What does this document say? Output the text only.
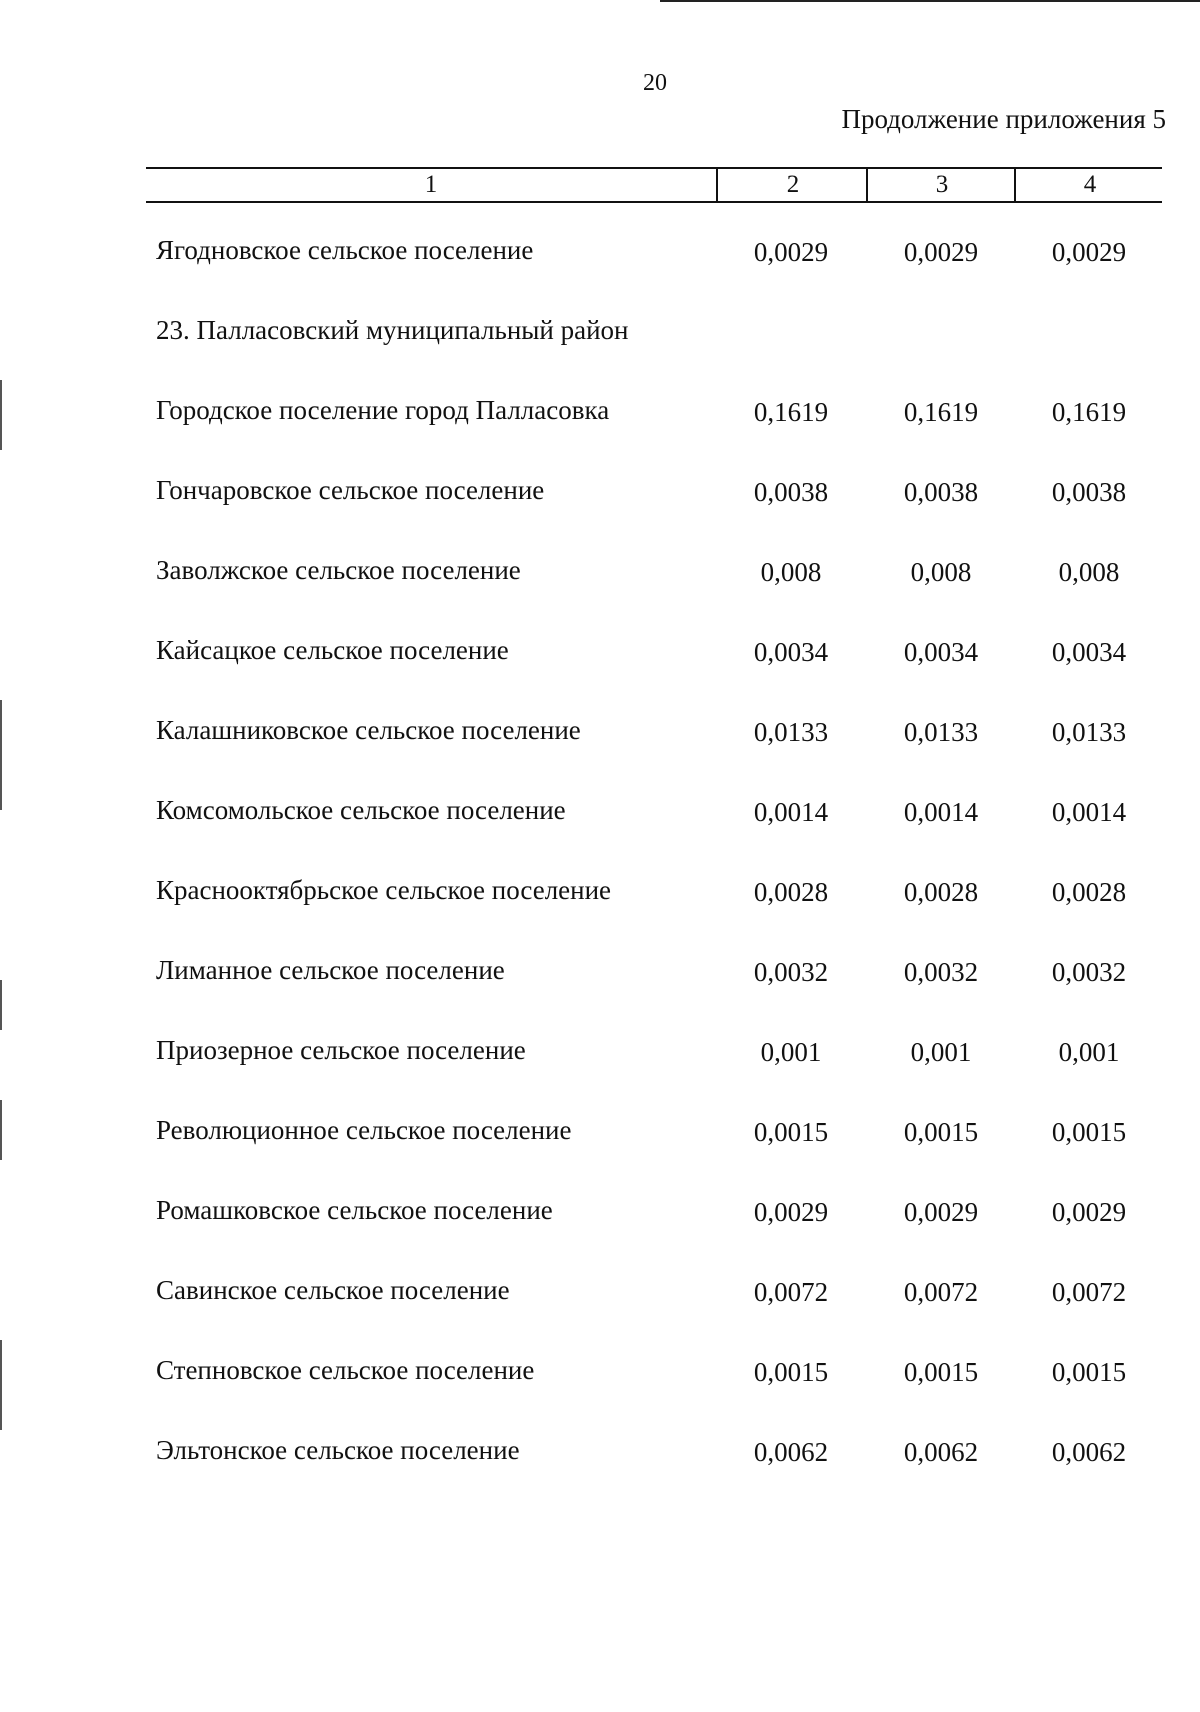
20
Продолжение приложения 5
1	2	3	4
Ягодновское сельское поселение	0,0029	0,0029	0,0029
23. Палласовский муниципальный район
Городское поселение город Палласовка	0,1619	0,1619	0,1619
Гончаровское сельское поселение	0,0038	0,0038	0,0038
Заволжское сельское поселение	0,008	0,008	0,008
Кайсацкое сельское поселение	0,0034	0,0034	0,0034
Калашниковское сельское поселение	0,0133	0,0133	0,0133
Комсомольское сельское поселение	0,0014	0,0014	0,0014
Краснооктябрьское сельское поселение	0,0028	0,0028	0,0028
Лиманное сельское поселение	0,0032	0,0032	0,0032
Приозерное сельское поселение	0,001	0,001	0,001
Революционное сельское поселение	0,0015	0,0015	0,0015
Ромашковское сельское поселение	0,0029	0,0029	0,0029
Савинское сельское поселение	0,0072	0,0072	0,0072
Степновское сельское поселение	0,0015	0,0015	0,0015
Эльтонское сельское поселение	0,0062	0,0062	0,0062
